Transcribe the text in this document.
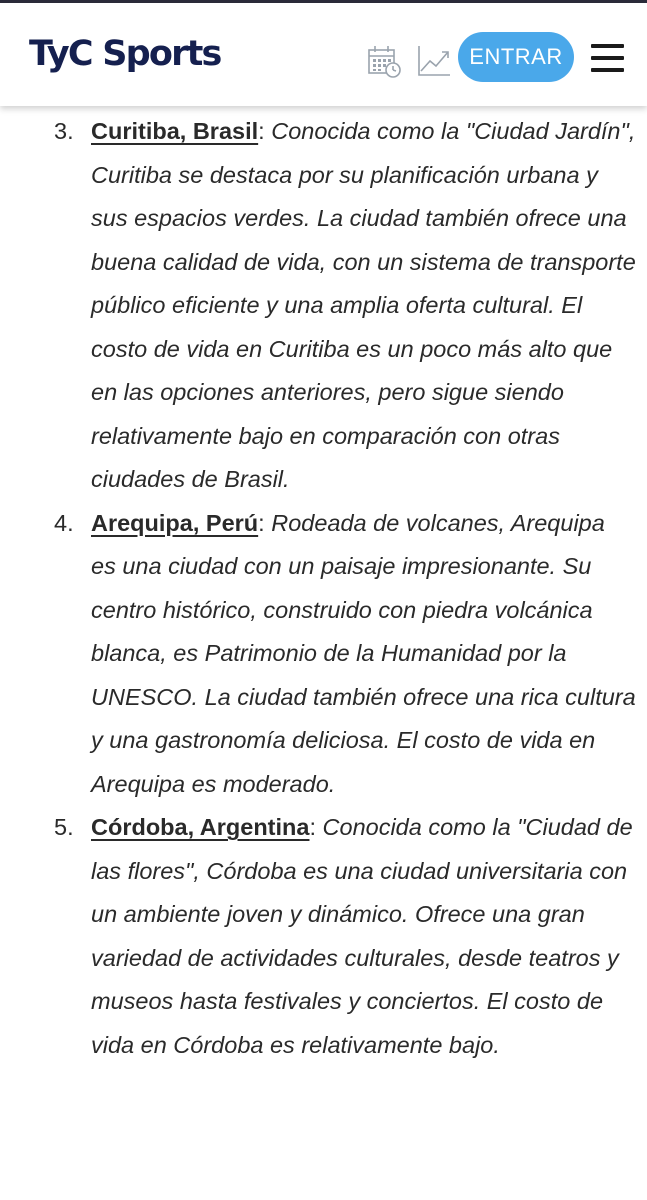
TyC Sports	ENTRAR
3. Curitiba, Brasil: Conocida como la "Ciudad Jardín", Curitiba se destaca por su planificación urbana y sus espacios verdes. La ciudad también ofrece una buena calidad de vida, con un sistema de transporte público eficiente y una amplia oferta cultural. El costo de vida en Curitiba es un poco más alto que en las opciones anteriores, pero sigue siendo relativamente bajo en comparación con otras ciudades de Brasil.
4. Arequipa, Perú: Rodeada de volcanes, Arequipa es una ciudad con un paisaje impresionante. Su centro histórico, construido con piedra volcánica blanca, es Patrimonio de la Humanidad por la UNESCO. La ciudad también ofrece una rica cultura y una gastronomía deliciosa. El costo de vida en Arequipa es moderado.
5. Córdoba, Argentina: Conocida como la "Ciudad de las flores", Córdoba es una ciudad universitaria con un ambiente joven y dinámico. Ofrece una gran variedad de actividades culturales, desde teatros y museos hasta festivales y conciertos. El costo de vida en Córdoba es relativamente bajo.
